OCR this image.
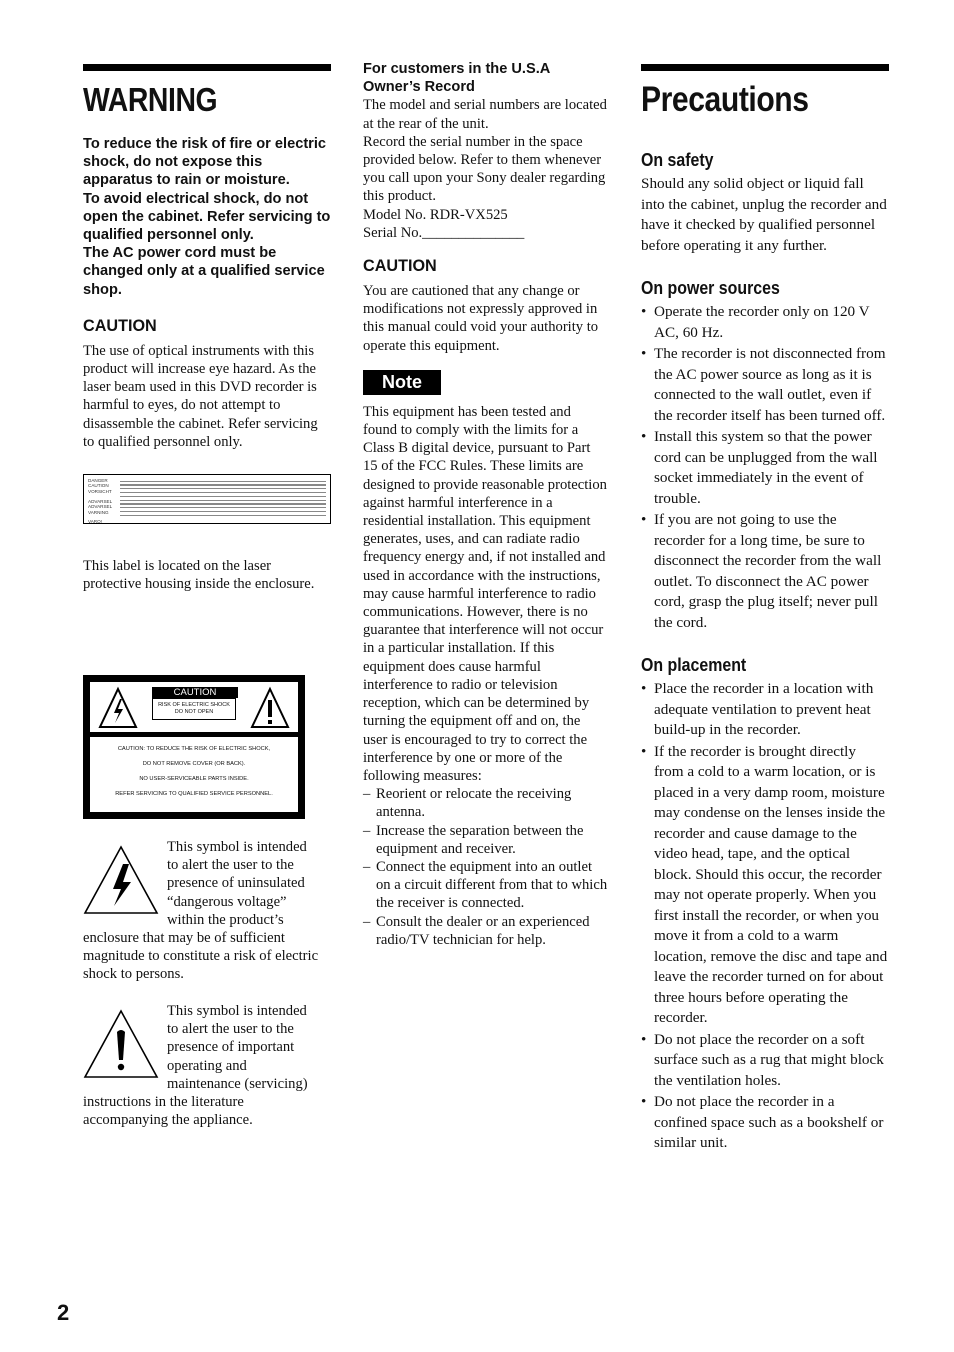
WARNING

To reduce the risk of fire or electric shock, do not expose this apparatus to rain or moisture.

To avoid electrical shock, do not open the cabinet. Refer servicing to qualified personnel only.

The AC power cord must be changed only at a qualified service shop.

CAUTION

The use of optical instruments with this product will increase eye hazard. As the laser beam used in this DVD recorder is harmful to eyes, do not attempt to disassemble the cabinet. Refer servicing to qualified personnel only.

DANGER
CAUTION
VORSICHT
ADVARSEL
ADVARSEL
VARNING
VARO!

This label is located on the laser protective housing inside the enclosure.

CAUTION
RISK OF ELECTRIC SHOCK
DO NOT OPEN
CAUTION: TO REDUCE THE RISK OF ELECTRIC SHOCK,
DO NOT REMOVE COVER (OR BACK).
NO USER-SERVICEABLE PARTS INSIDE.
REFER SERVICING TO QUALIFIED SERVICE PERSONNEL.
This symbol is intended
to alert the user to the
presence of uninsulated
“dangerous voltage”
within the product’s

enclosure that may be of sufficient magnitude to constitute a risk of electric shock to persons.

This symbol is intended
to alert the user to the
presence of important
operating and
maintenance (servicing)

instructions in the literature accompanying the appliance.

For customers in the U.S.A Owner’s Record

The model and serial numbers are located at the rear of the unit.

Record the serial number in the space provided below. Refer to them whenever you call upon your Sony dealer regarding this product.

Model No. RDR-VX525

Serial No.______________

CAUTION

You are cautioned that any change or modifications not expressly approved in this manual could void your authority to operate this equipment.

Note

This equipment has been tested and found to comply with the limits for a Class B digital device, pursuant to Part 15 of the FCC Rules. These limits are designed to provide reasonable protection against harmful interference in a residential installation. This equipment generates, uses, and can radiate radio frequency energy and, if not installed and used in accordance with the instructions, may cause harmful interference to radio communications. However, there is no guarantee that interference will not occur in a particular installation. If this equipment does cause harmful interference to radio or television reception, which can be determined by turning the equipment off and on, the user is encouraged to try to correct the interference by one or more of the following measures:

– Reorient or relocate the receiving antenna.

– Increase the separation between the equipment and receiver.

– Connect the equipment into an outlet on a circuit different from that to which the receiver is connected.

– Consult the dealer or an experienced radio/TV technician for help.

Precautions
On safety

Should any solid object or liquid fall into the cabinet, unplug the recorder and have it checked by qualified personnel before operating it any further.

On power sources

• Operate the recorder only on 120 V AC, 60 Hz.

• The recorder is not disconnected from the AC power source as long as it is connected to the wall outlet, even if the recorder itself has been turned off.

• Install this system so that the power cord can be unplugged from the wall socket immediately in the event of trouble.

• If you are not going to use the recorder for a long time, be sure to disconnect the recorder from the wall outlet. To disconnect the AC power cord, grasp the plug itself; never pull the cord.

On placement

• Place the recorder in a location with adequate ventilation to prevent heat build-up in the recorder.

• If the recorder is brought directly from a cold to a warm location, or is placed in a very damp room, moisture may condense on the lenses inside the recorder and cause damage to the video head, tape, and the optical block. Should this occur, the recorder may not operate properly. When you first install the recorder, or when you move it from a cold to a warm location, remove the disc and tape and leave the recorder turned on for about three hours before operating the recorder.

• Do not place the recorder on a soft surface such as a rug that might block the ventilation holes.

• Do not place the recorder in a confined space such as a bookshelf or similar unit.

2
